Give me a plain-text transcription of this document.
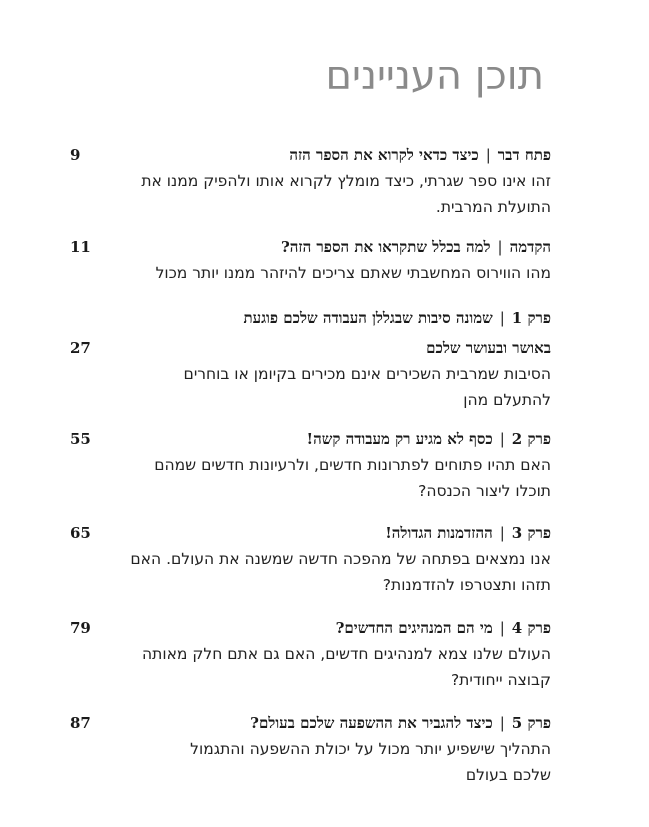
תוכן העניינים
פתח דבר|כיצד כדאי לקרוא את הספר הזה
9
זהו אינו ספר שגרתי, כיצד מומלץ לקרוא אותו ולהפיק ממנו את
התועלת המרבית.
הקדמה|למה בכלל שתקראו את הספר הזה?
11
מהו הווירוס המחשבתי שאתם צריכים להיזהר ממנו יותר מכול
פרק 1|שמונה סיבות שבגללן העבודה שלכם פוגעת
באושר ובעושר שלכם
27
הסיבות שמרבית השכירים אינם מכירים בקיומן או בוחרים
להתעלם מהן
פרק 2|כסף לא מגיע רק מעבודה קשה!
55
האם תהיו פתוחים לפתרונות חדשים, ולרעיונות חדשים שמהם
תוכלו ליצור הכנסה?
פרק 3|ההזדמנות הגדולה!
65
אנו נמצאים בפתחה של מהפכה חדשה שמשנה את העולם. האם
תזהו ותצטרפו להזדמנות?
פרק 4|מי הם המנהיגים החדשים?
79
העולם שלנו צמא למנהיגים חדשים, האם גם אתם חלק מאותה
קבוצה ייחודית?
פרק 5|כיצד להגביר את ההשפעה שלכם בעולם?
87
התהליך שישפיע יותר מכול על יכולת ההשפעה והתגמול
שלכם בעולם
